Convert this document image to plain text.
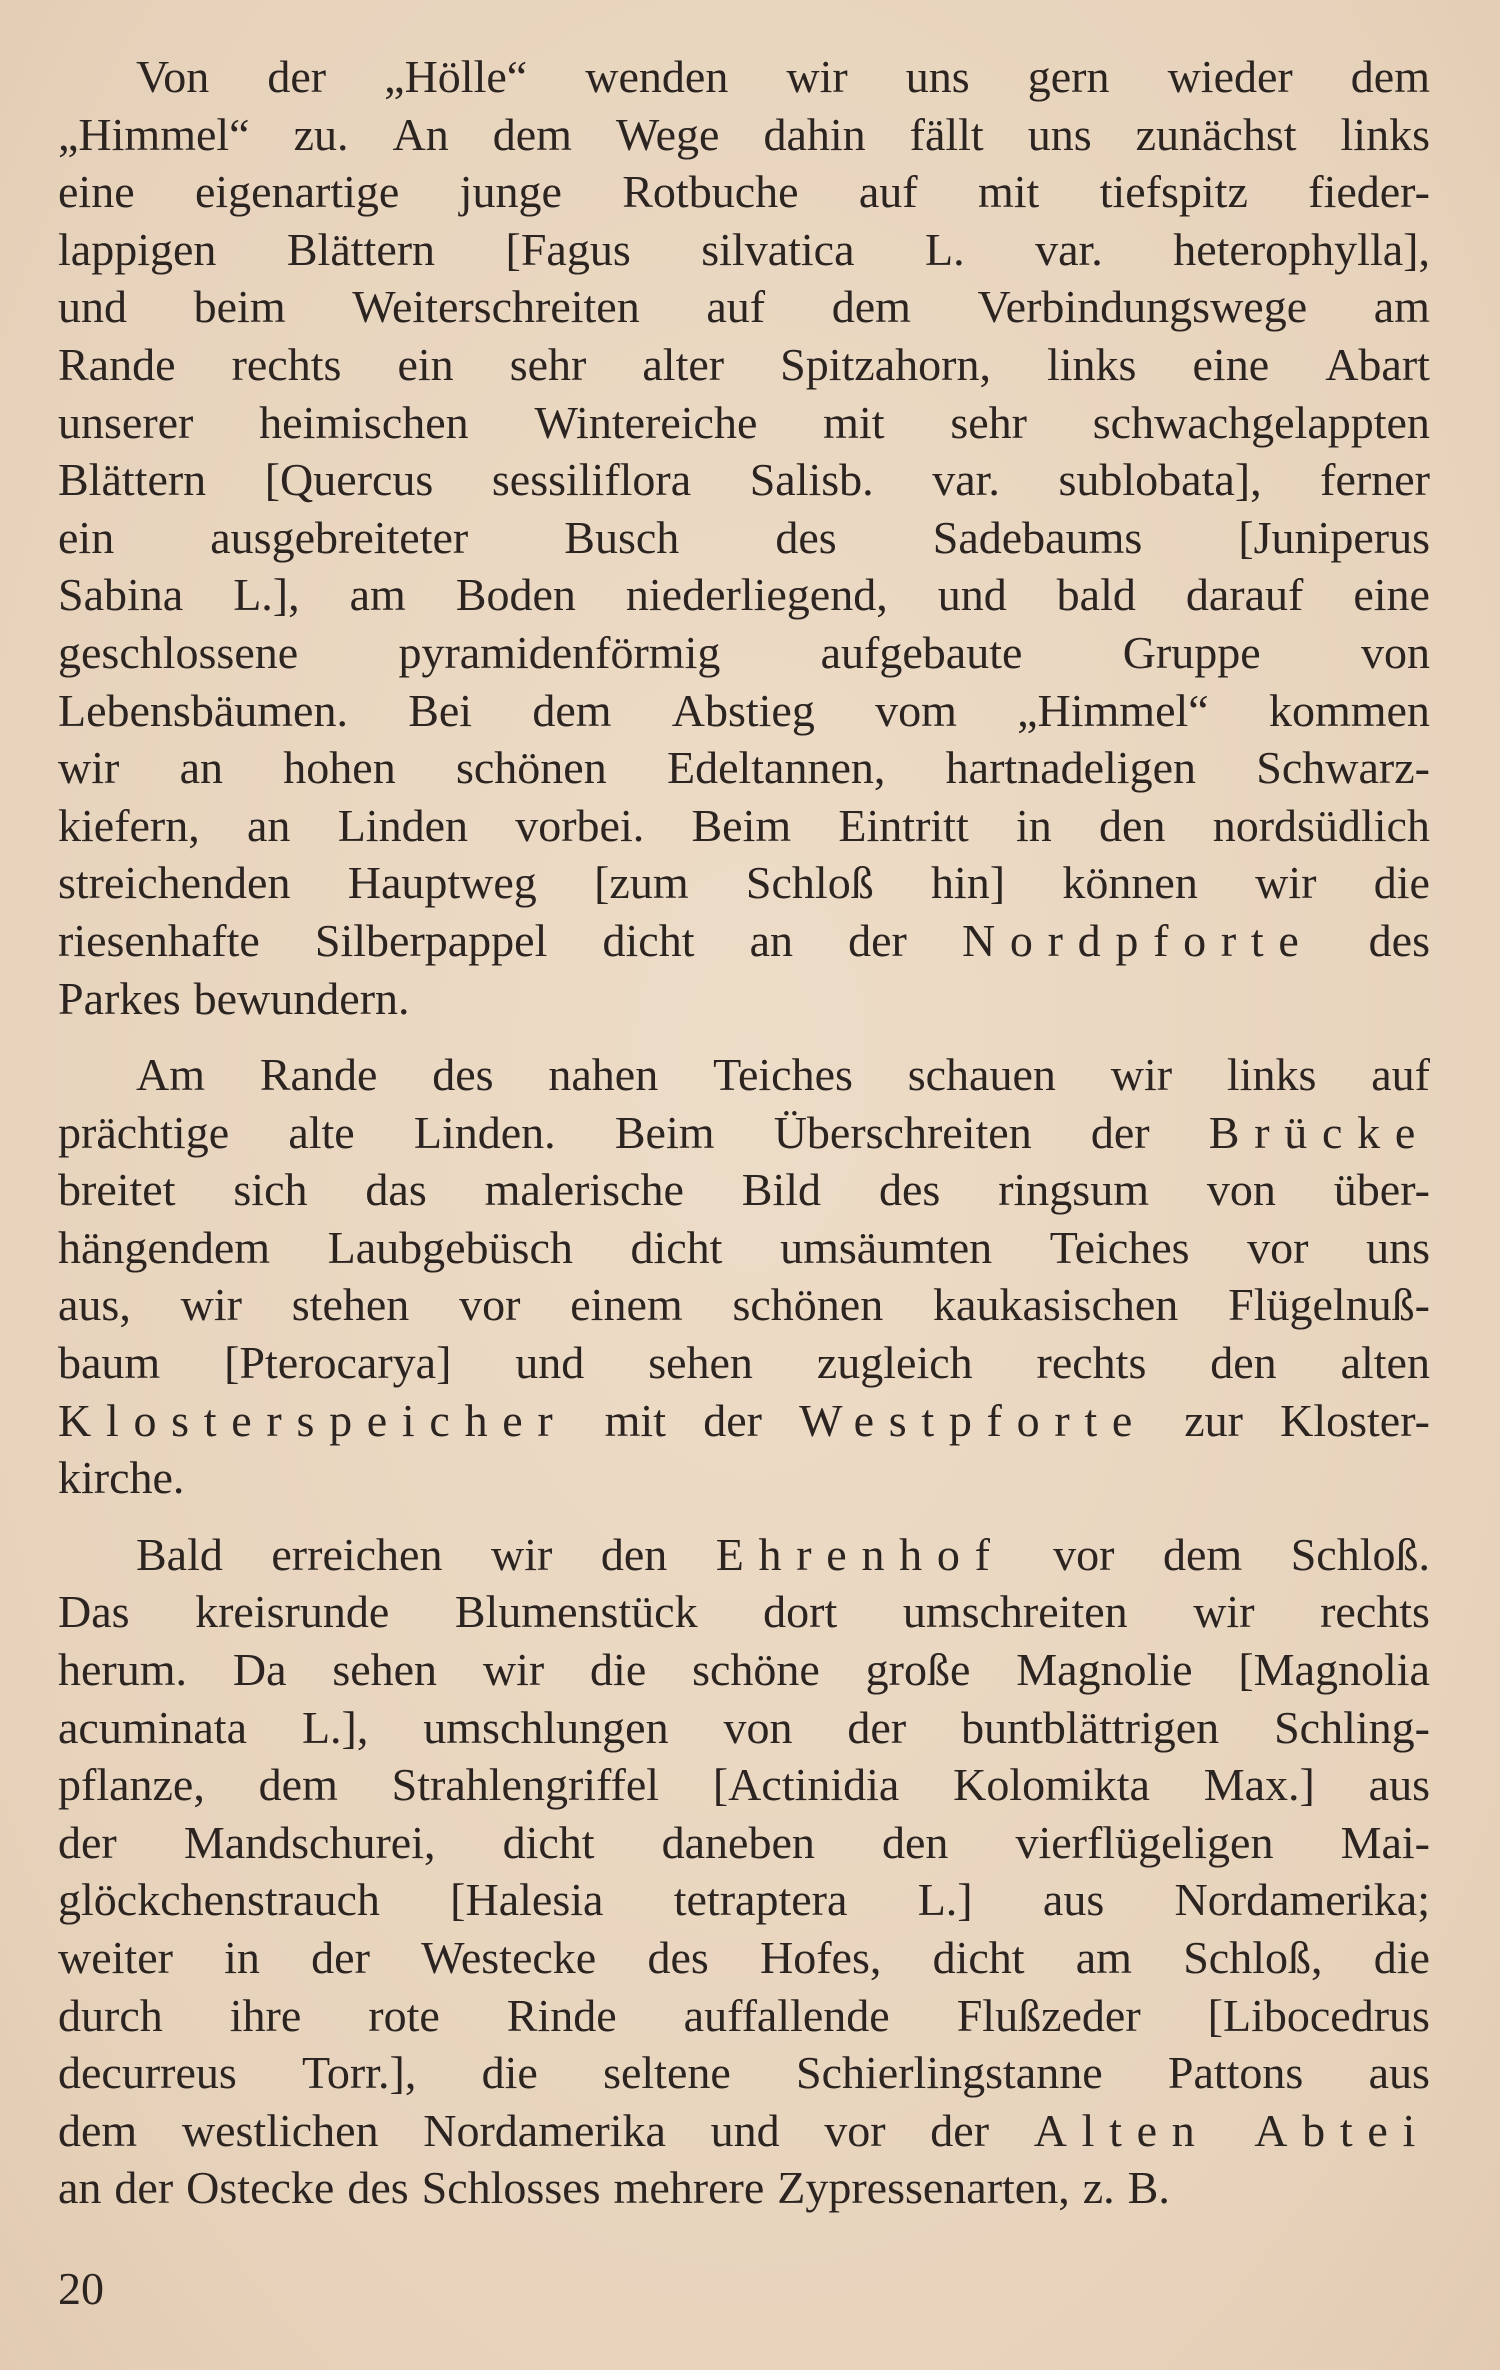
Von der „Hölle“ wenden wir uns gern wieder dem
„Himmel“ zu. An dem Wege dahin fällt uns zunächst links
eine eigenartige junge Rotbuche auf mit tiefspitz fieder-
lappigen Blättern [Fagus silvatica L. var. heterophylla],
und beim Weiterschreiten auf dem Verbindungswege am
Rande rechts ein sehr alter Spitzahorn, links eine Abart
unserer heimischen Wintereiche mit sehr schwachgelappten
Blättern [Quercus sessiliflora Salisb. var. sublobata], ferner
ein ausgebreiteter Busch des Sadebaums [Juniperus
Sabina L.], am Boden niederliegend, und bald darauf eine
geschlossene pyramidenförmig aufgebaute Gruppe von
Lebensbäumen. Bei dem Abstieg vom „Himmel“ kommen
wir an hohen schönen Edeltannen, hartnadeligen Schwarz-
kiefern, an Linden vorbei. Beim Eintritt in den nordsüdlich
streichenden Hauptweg [zum Schloß hin] können wir die
riesenhafte Silberpappel dicht an der Nordpforte des
Parkes bewundern.
Am Rande des nahen Teiches schauen wir links auf
prächtige alte Linden. Beim Überschreiten der Brücke
breitet sich das malerische Bild des ringsum von über-
hängendem Laubgebüsch dicht umsäumten Teiches vor uns
aus, wir stehen vor einem schönen kaukasischen Flügelnuß-
baum [Pterocarya] und sehen zugleich rechts den alten
Klosterspeicher mit der Westpforte zur Kloster-
kirche.
Bald erreichen wir den Ehrenhof vor dem Schloß.
Das kreisrunde Blumenstück dort umschreiten wir rechts
herum. Da sehen wir die schöne große Magnolie [Magnolia
acuminata L.], umschlungen von der buntblättrigen Schling-
pflanze, dem Strahlengriffel [Actinidia Kolomikta Max.] aus
der Mandschurei, dicht daneben den vierflügeligen Mai-
glöckchenstrauch [Halesia tetraptera L.] aus Nordamerika;
weiter in der Westecke des Hofes, dicht am Schloß, die
durch ihre rote Rinde auffallende Flußzeder [Libocedrus
decurreus Torr.], die seltene Schierlingstanne Pattons aus
dem westlichen Nordamerika und vor der Alten Abtei
an der Ostecke des Schlosses mehrere Zypressenarten, z. B.
20
